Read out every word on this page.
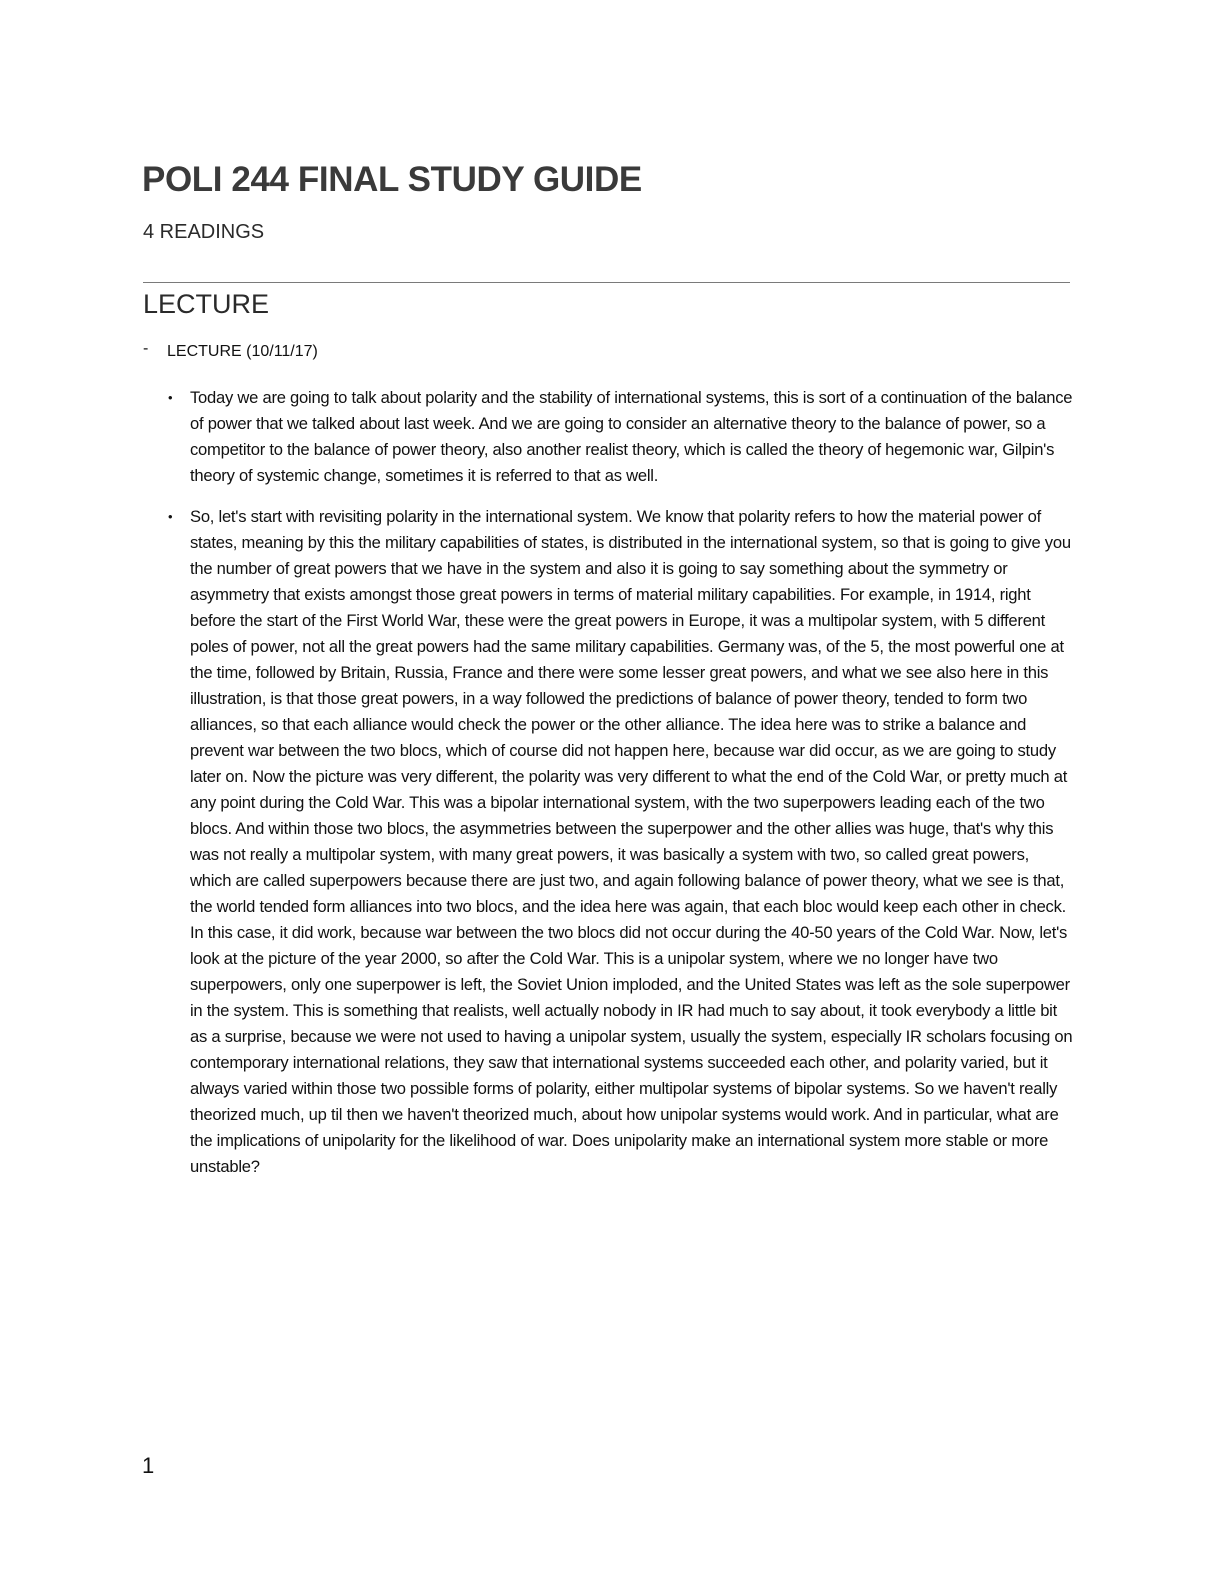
POLI 244 FINAL STUDY GUIDE
4 READINGS
LECTURE
- LECTURE (10/11/17)
• Today we are going to talk about polarity and the stability of international systems, this is sort of a continuation of the balance of power that we talked about last week. And we are going to consider an alternative theory to the balance of power, so a competitor to the balance of power theory, also another realist theory, which is called the theory of hegemonic war, Gilpin's theory of systemic change, sometimes it is referred to that as well.
• So, let's start with revisiting polarity in the international system. We know that polarity refers to how the material power of states, meaning by this the military capabilities of states, is distributed in the international system, so that is going to give you the number of great powers that we have in the system and also it is going to say something about the symmetry or asymmetry that exists amongst those great powers in terms of material military capabilities. For example, in 1914, right before the start of the First World War, these were the great powers in Europe, it was a multipolar system, with 5 different poles of power, not all the great powers had the same military capabilities. Germany was, of the 5, the most powerful one at the time, followed by Britain, Russia, France and there were some lesser great powers, and what we see also here in this illustration, is that those great powers, in a way followed the predictions of balance of power theory, tended to form two alliances, so that each alliance would check the power or the other alliance. The idea here was to strike a balance and prevent war between the two blocs, which of course did not happen here, because war did occur, as we are going to study later on. Now the picture was very different, the polarity was very different to what the end of the Cold War, or pretty much at any point during the Cold War. This was a bipolar international system, with the two superpowers leading each of the two blocs. And within those two blocs, the asymmetries between the superpower and the other allies was huge, that's why this was not really a multipolar system, with many great powers, it was basically a system with two, so called great powers, which are called superpowers because there are just two, and again following balance of power theory, what we see is that, the world tended form alliances into two blocs, and the idea here was again, that each bloc would keep each other in check. In this case, it did work, because war between the two blocs did not occur during the 40-50 years of the Cold War. Now, let's look at the picture of the year 2000, so after the Cold War. This is a unipolar system, where we no longer have two superpowers, only one superpower is left, the Soviet Union imploded, and the United States was left as the sole superpower in the system. This is something that realists, well actually nobody in IR had much to say about, it took everybody a little bit as a surprise, because we were not used to having a unipolar system, usually the system, especially IR scholars focusing on contemporary international relations, they saw that international systems succeeded each other, and polarity varied, but it always varied within those two possible forms of polarity, either multipolar systems of bipolar systems. So we haven't really theorized much, up til then we haven't theorized much, about how unipolar systems would work. And in particular, what are the implications of unipolarity for the likelihood of war. Does unipolarity make an international system more stable or more unstable?
1
